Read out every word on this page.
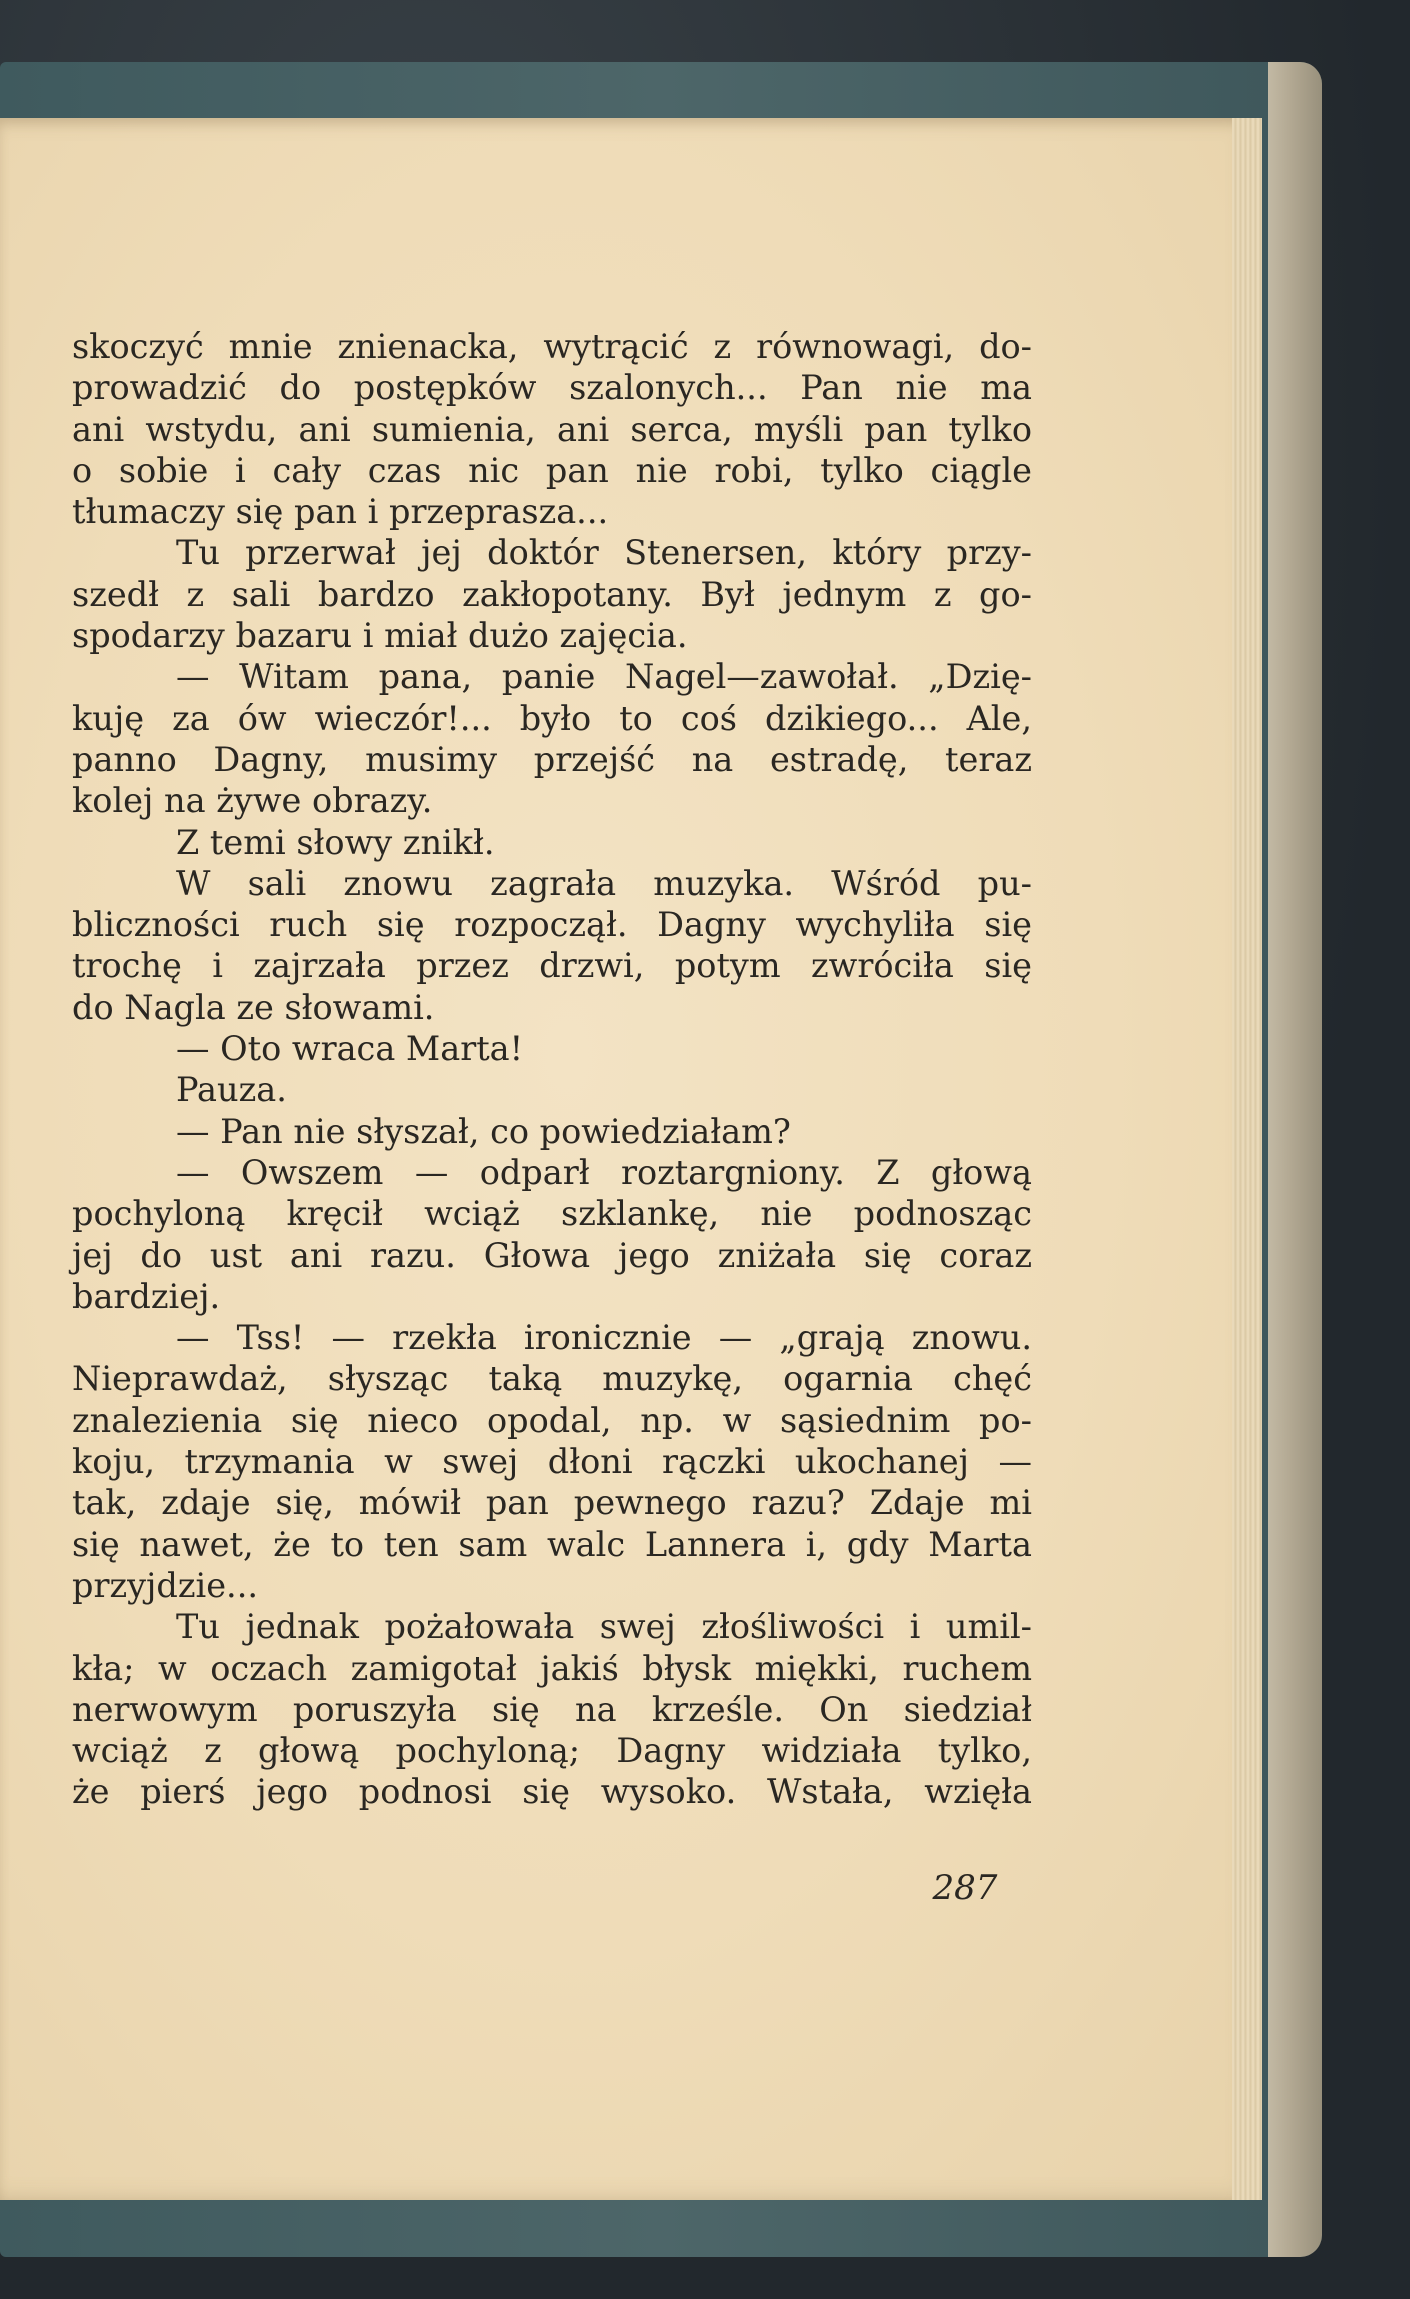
skoczyć mnie znienacka, wytrącić z równowagi, do-
prowadzić do postępków szalonych... Pan nie ma
ani wstydu, ani sumienia, ani serca, myśli pan tylko
o sobie i cały czas nic pan nie robi, tylko ciągle
tłumaczy się pan i przeprasza...
Tu przerwał jej doktór Stenersen, który przy-
szedł z sali bardzo zakłopotany. Był jednym z go-
spodarzy bazaru i miał dużo zajęcia.
— Witam pana, panie Nagel—zawołał. „Dzię-
kuję za ów wieczór!... było to coś dzikiego... Ale,
panno Dagny, musimy przejść na estradę, teraz
kolej na żywe obrazy.
Z temi słowy znikł.
W sali znowu zagrała muzyka. Wśród pu-
bliczności ruch się rozpoczął. Dagny wychyliła się
trochę i zajrzała przez drzwi, potym zwróciła się
do Nagla ze słowami.
— Oto wraca Marta!
Pauza.
— Pan nie słyszał, co powiedziałam?
— Owszem — odparł roztargniony. Z głową
pochyloną kręcił wciąż szklankę, nie podnosząc
jej do ust ani razu. Głowa jego zniżała się coraz
bardziej.
— Tss! — rzekła ironicznie — „grają znowu.
Nieprawdaż, słysząc taką muzykę, ogarnia chęć
znalezienia się nieco opodal, np. w sąsiednim po-
koju, trzymania w swej dłoni rączki ukochanej —
tak, zdaje się, mówił pan pewnego razu? Zdaje mi
się nawet, że to ten sam walc Lannera i, gdy Marta
przyjdzie...
Tu jednak pożałowała swej złośliwości i umil-
kła; w oczach zamigotał jakiś błysk miękki, ruchem
nerwowym poruszyła się na krześle. On siedział
wciąż z głową pochyloną; Dagny widziała tylko,
że pierś jego podnosi się wysoko. Wstała, wzięła
287
